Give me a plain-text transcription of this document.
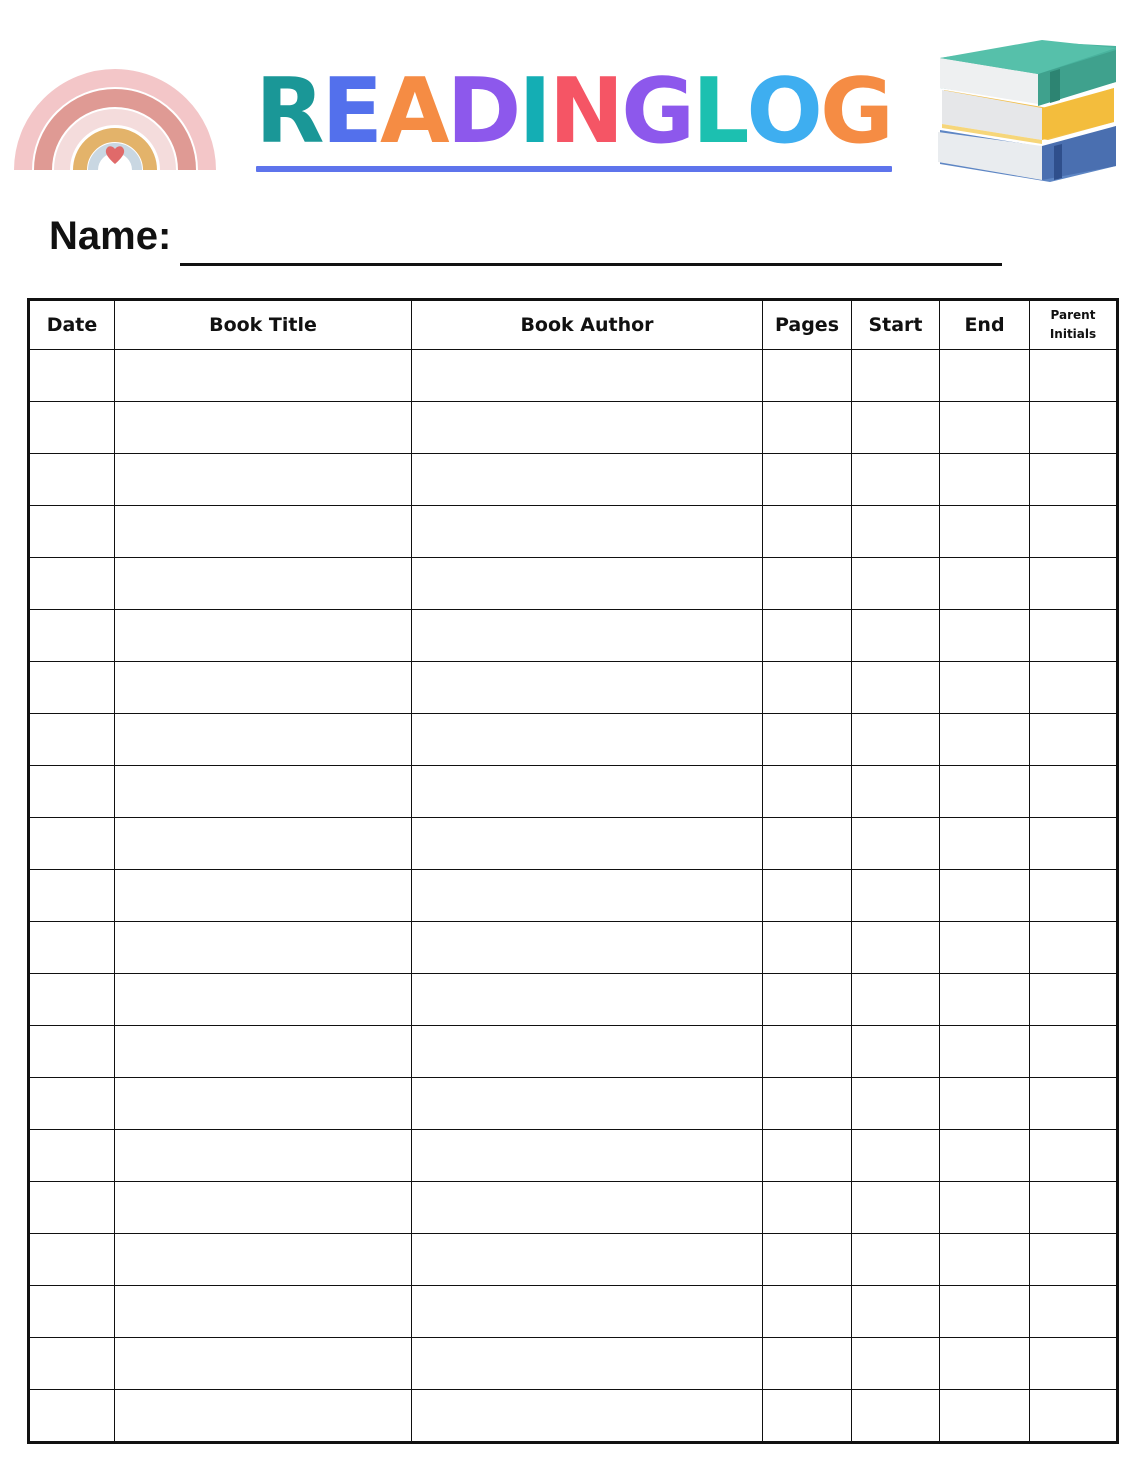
R E A D I N G L O G
Name:
Date	Book Title	Book Author	Pages	Start	End	Parent Initials
